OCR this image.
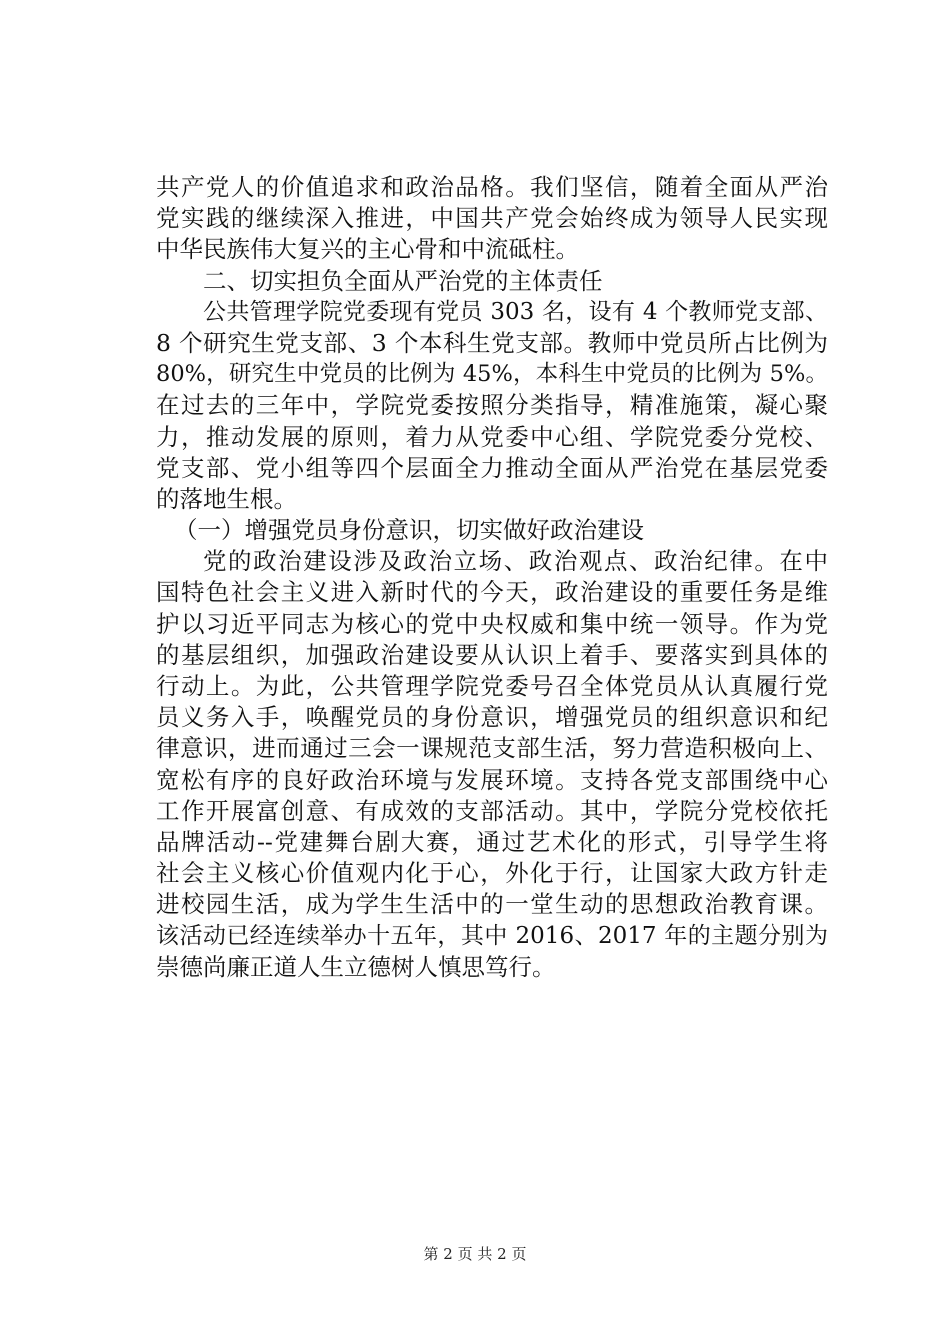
共产党人的价值追求和政治品格。我们坚信，随着全面从严治
党实践的继续深入推进，中国共产党会始终成为领导人民实现
中华民族伟大复兴的主心骨和中流砥柱。
二、切实担负全面从严治党的主体责任
公共管理学院党委现有党员 303 名，设有 4 个教师党支部、
8 个研究生党支部、3 个本科生党支部。教师中党员所占比例为
80%，研究生中党员的比例为 45%，本科生中党员的比例为 5%。
在过去的三年中，学院党委按照分类指导，精准施策，凝心聚
力，推动发展的原则，着力从党委中心组、学院党委分党校、
党支部、党小组等四个层面全力推动全面从严治党在基层党委
的落地生根。
（一）增强党员身份意识，切实做好政治建设
党的政治建设涉及政治立场、政治观点、政治纪律。在中
国特色社会主义进入新时代的今天，政治建设的重要任务是维
护以习近平同志为核心的党中央权威和集中统一领导。作为党
的基层组织，加强政治建设要从认识上着手、要落实到具体的
行动上。为此，公共管理学院党委号召全体党员从认真履行党
员义务入手，唤醒党员的身份意识，增强党员的组织意识和纪
律意识，进而通过三会一课规范支部生活，努力营造积极向上、
宽松有序的良好政治环境与发展环境。支持各党支部围绕中心
工作开展富创意、有成效的支部活动。其中，学院分党校依托
品牌活动--党建舞台剧大赛，通过艺术化的形式，引导学生将
社会主义核心价值观内化于心，外化于行，让国家大政方针走
进校园生活，成为学生生活中的一堂生动的思想政治教育课。
该活动已经连续举办十五年，其中 2016、2017 年的主题分别为
崇德尚廉正道人生立德树人慎思笃行。
第 2 页 共 2 页
